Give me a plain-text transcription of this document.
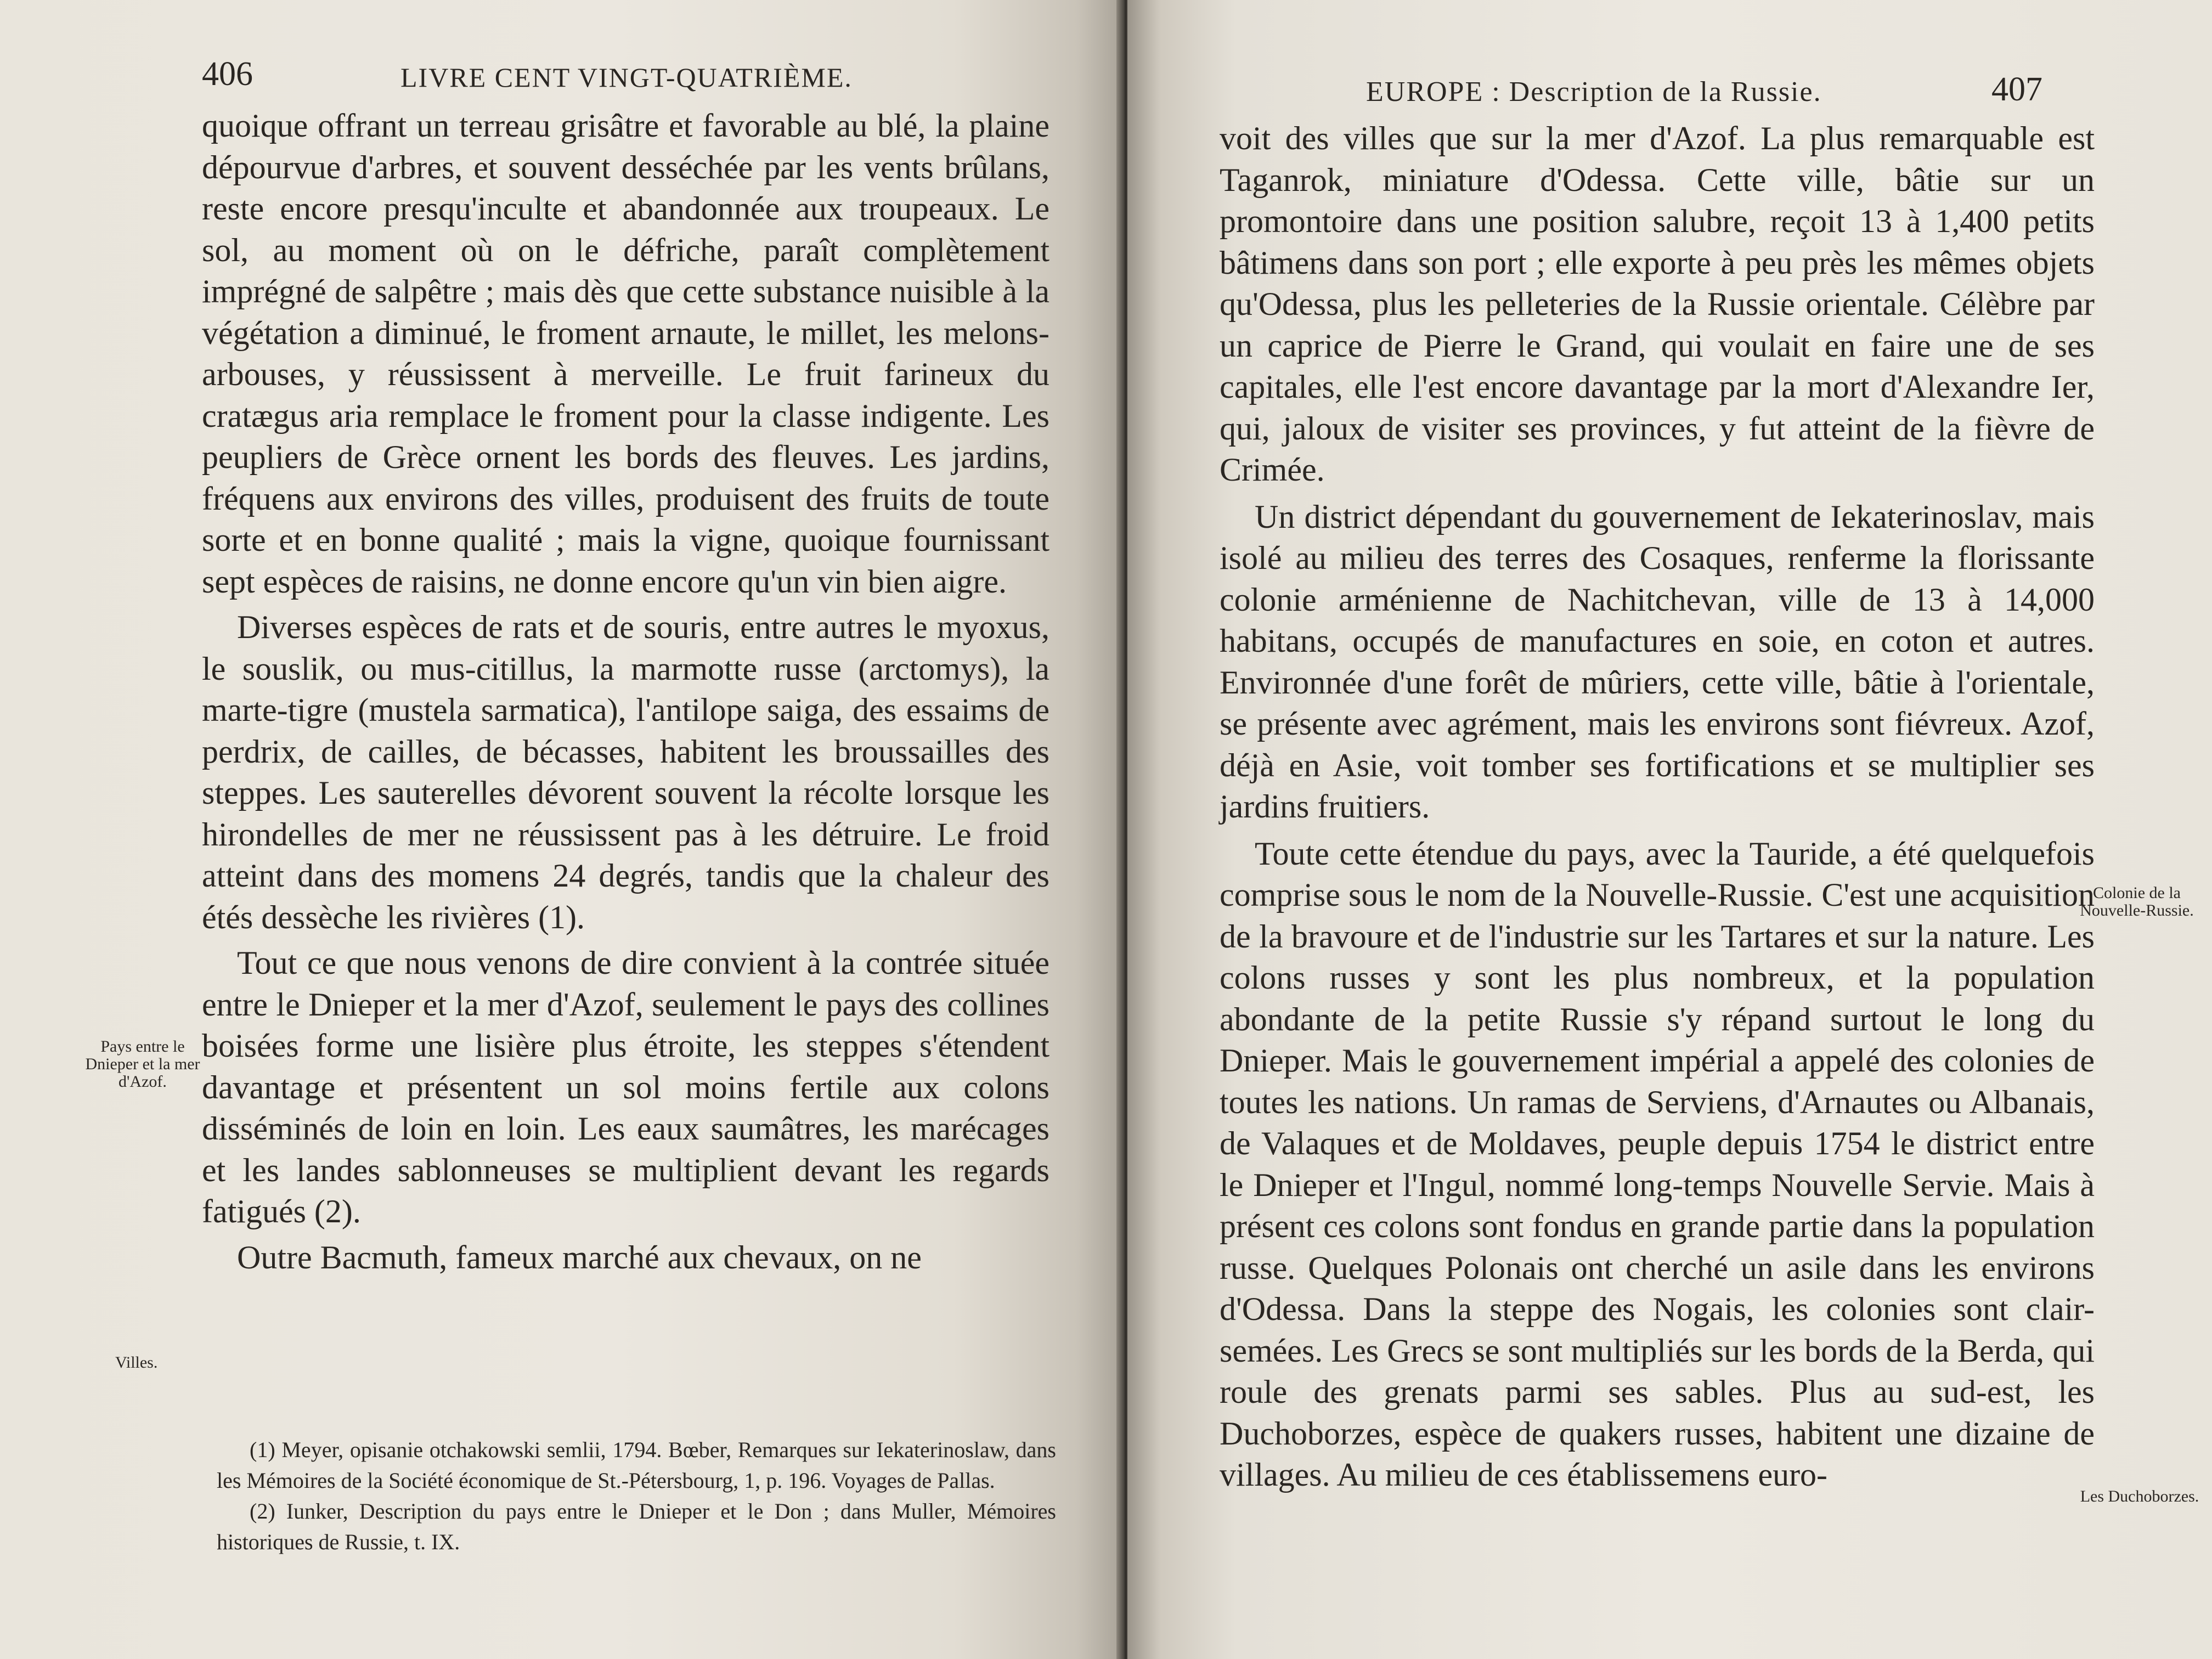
406	LIVRE CENT VINGT-QUATRIÈME.

quoique offrant un terreau grisâtre et favorable au blé, la plaine dépourvue d'arbres, et souvent desséchée par les vents brûlans, reste encore presqu'inculte et abandonnée aux troupeaux. Le sol, au moment où on le défriche, paraît complètement imprégné de salpêtre ; mais dès que cette substance nuisible à la végétation a diminué, le froment arnaute, le millet, les melons-arbouses, y réussissent à merveille. Le fruit farineux du cratægus aria remplace le froment pour la classe indigente. Les peupliers de Grèce ornent les bords des fleuves. Les jardins, fréquens aux environs des villes, produisent des fruits de toute sorte et en bonne qualité ; mais la vigne, quoique fournissant sept espèces de raisins, ne donne encore qu'un vin bien aigre.

Diverses espèces de rats et de souris, entre autres le myoxus, le souslik, ou mus-citillus, la marmotte russe (arctomys), la marte-tigre (mustela sarmatica), l'antilope saiga, des essaims de perdrix, de cailles, de bécasses, habitent les broussailles des steppes. Les sauterelles dévorent souvent la récolte lorsque les hirondelles de mer ne réussissent pas à les détruire. Le froid atteint dans des momens 24 degrés, tandis que la chaleur des étés dessèche les rivières (1).

Tout ce que nous venons de dire convient à la contrée située entre le Dnieper et la mer d'Azof, seulement le pays des collines boisées forme une lisière plus étroite, les steppes s'étendent davantage et présentent un sol moins fertile aux colons disséminés de loin en loin. Les eaux saumâtres, les marécages et les landes sablonneuses se multiplient devant les regards fatigués (2).

Outre Bacmuth, fameux marché aux chevaux, on ne

Pays entre le Dnieper et la mer d'Azof.
Villes.

(1) Meyer, opisanie otchakowski semlii, 1794. Bœber, Remarques sur Iekaterinoslaw, dans les Mémoires de la Société économique de St.-Pétersbourg, 1, p. 196. Voyages de Pallas.

(2) Iunker, Description du pays entre le Dnieper et le Don ; dans Muller, Mémoires historiques de Russie, t. IX.

EUROPE : Description de la Russie.	407

voit des villes que sur la mer d'Azof. La plus remarquable est Taganrok, miniature d'Odessa. Cette ville, bâtie sur un promontoire dans une position salubre, reçoit 13 à 1,400 petits bâtimens dans son port ; elle exporte à peu près les mêmes objets qu'Odessa, plus les pelleteries de la Russie orientale. Célèbre par un caprice de Pierre le Grand, qui voulait en faire une de ses capitales, elle l'est encore davantage par la mort d'Alexandre Ier, qui, jaloux de visiter ses provinces, y fut atteint de la fièvre de Crimée.

Un district dépendant du gouvernement de Iekaterinoslav, mais isolé au milieu des terres des Cosaques, renferme la florissante colonie arménienne de Nachitchevan, ville de 13 à 14,000 habitans, occupés de manufactures en soie, en coton et autres. Environnée d'une forêt de mûriers, cette ville, bâtie à l'orientale, se présente avec agrément, mais les environs sont fiévreux. Azof, déjà en Asie, voit tomber ses fortifications et se multiplier ses jardins fruitiers.

Toute cette étendue du pays, avec la Tauride, a été quelquefois comprise sous le nom de la Nouvelle-Russie. C'est une acquisition de la bravoure et de l'industrie sur les Tartares et sur la nature. Les colons russes y sont les plus nombreux, et la population abondante de la petite Russie s'y répand surtout le long du Dnieper. Mais le gouvernement impérial a appelé des colonies de toutes les nations. Un ramas de Serviens, d'Arnautes ou Albanais, de Valaques et de Moldaves, peuple depuis 1754 le district entre le Dnieper et l'Ingul, nommé long-temps Nouvelle Servie. Mais à présent ces colons sont fondus en grande partie dans la population russe. Quelques Polonais ont cherché un asile dans les environs d'Odessa. Dans la steppe des Nogais, les colonies sont clair-semées. Les Grecs se sont multipliés sur les bords de la Berda, qui roule des grenats parmi ses sables. Plus au sud-est, les Duchoborzes, espèce de quakers russes, habitent une dizaine de villages. Au milieu de ces établissemens euro-

Colonie de la Nouvelle-Russie.
Les Duchoborzes.
